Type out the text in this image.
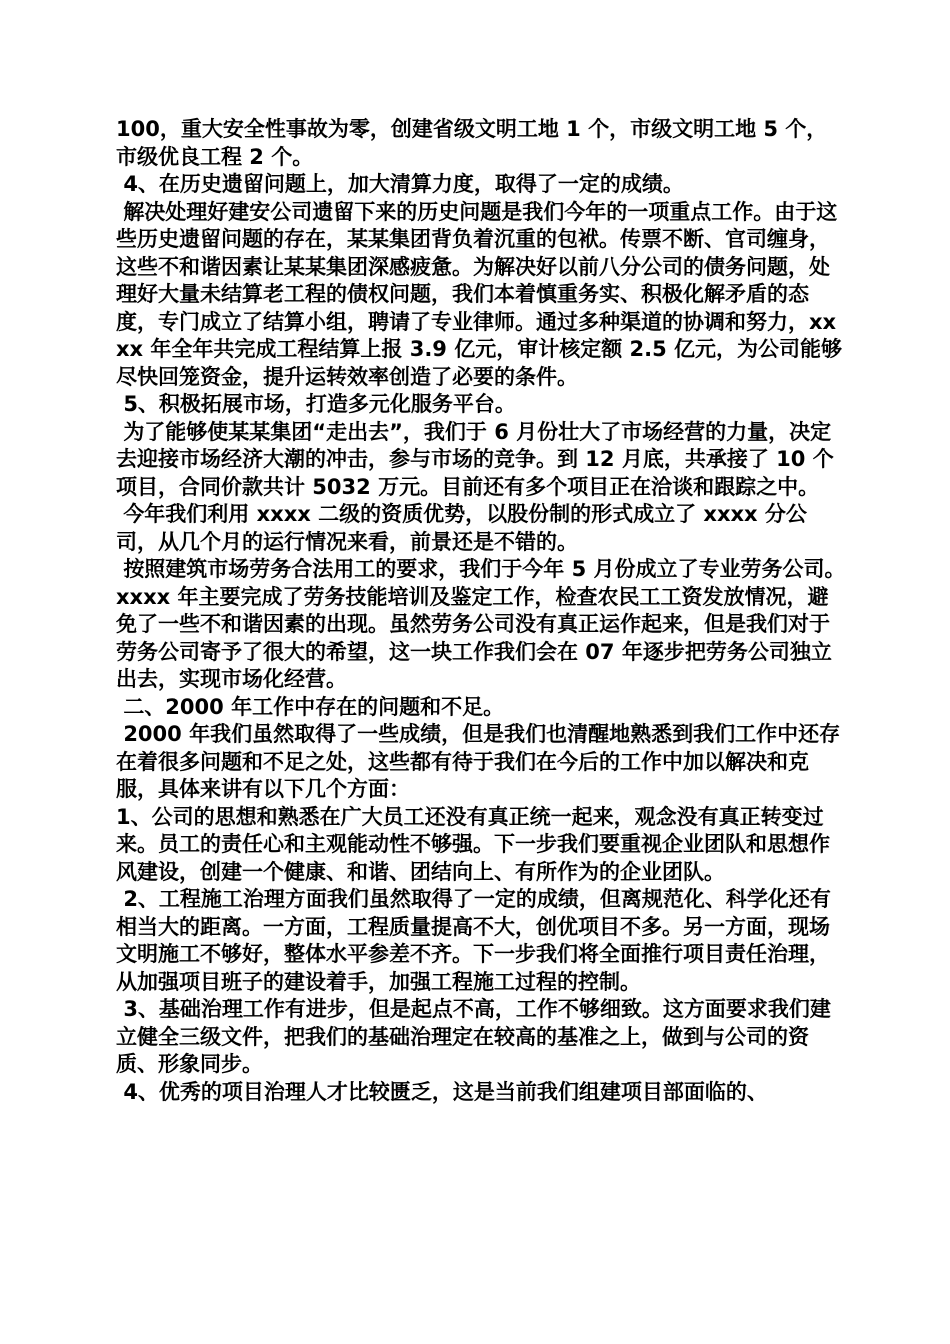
100，重大安全性事故为零，创建省级文明工地 1 个，市级文明工地 5 个，市级优良工程 2 个。

4、在历史遗留问题上，加大清算力度，取得了一定的成绩。

解决处理好建安公司遗留下来的历史问题是我们今年的一项重点工作。由于这些历史遗留问题的存在，某某集团背负着沉重的包袱。传票不断、官司缠身，这些不和谐因素让某某集团深感疲惫。为解决好以前八分公司的债务问题，处理好大量未结算老工程的债权问题，我们本着慎重务实、积极化解矛盾的态度，专门成立了结算小组，聘请了专业律师。通过多种渠道的协调和努力，xxxx 年全年共完成工程结算上报 3.9 亿元，审计核定额 2.5 亿元，为公司能够尽快回笼资金，提升运转效率创造了必要的条件。

5、积极拓展市场，打造多元化服务平台。

为了能够使某某集团“走出去”，我们于 6 月份壮大了市场经营的力量，决定去迎接市场经济大潮的冲击，参与市场的竞争。到 12 月底，共承接了 10 个项目，合同价款共计 5032 万元。目前还有多个项目正在洽谈和跟踪之中。

今年我们利用 xxxx 二级的资质优势，以股份制的形式成立了 xxxx 分公司，从几个月的运行情况来看，前景还是不错的。

按照建筑市场劳务合法用工的要求，我们于今年 5 月份成立了专业劳务公司。xxxx 年主要完成了劳务技能培训及鉴定工作，检查农民工工资发放情况，避免了一些不和谐因素的出现。虽然劳务公司没有真正运作起来，但是我们对于劳务公司寄予了很大的希望，这一块工作我们会在 07 年逐步把劳务公司独立出去，实现市场化经营。

二、2000 年工作中存在的问题和不足。

2000 年我们虽然取得了一些成绩，但是我们也清醒地熟悉到我们工作中还存在着很多问题和不足之处，这些都有待于我们在今后的工作中加以解决和克服，具体来讲有以下几个方面：

1、公司的思想和熟悉在广大员工还没有真正统一起来，观念没有真正转变过来。员工的责任心和主观能动性不够强。下一步我们要重视企业团队和思想作风建设，创建一个健康、和谐、团结向上、有所作为的企业团队。

2、工程施工治理方面我们虽然取得了一定的成绩，但离规范化、科学化还有相当大的距离。一方面，工程质量提高不大，创优项目不多。另一方面，现场文明施工不够好，整体水平参差不齐。下一步我们将全面推行项目责任治理，从加强项目班子的建设着手，加强工程施工过程的控制。

3、基础治理工作有进步，但是起点不高，工作不够细致。这方面要求我们建立健全三级文件，把我们的基础治理定在较高的基准之上，做到与公司的资质、形象同步。

4、优秀的项目治理人才比较匮乏，这是当前我们组建项目部面临的、
